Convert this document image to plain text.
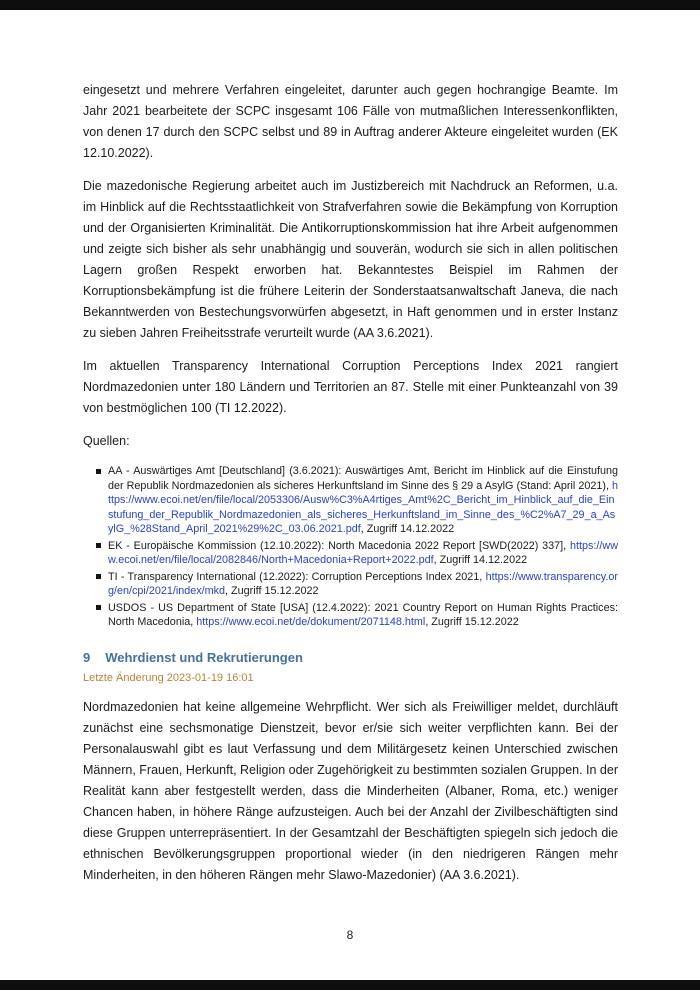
eingesetzt und mehrere Verfahren eingeleitet, darunter auch gegen hochrangige Beamte. Im Jahr 2021 bearbeitete der SCPC insgesamt 106 Fälle von mutmaßlichen Interessenkonflikten, von denen 17 durch den SCPC selbst und 89 in Auftrag anderer Akteure eingeleitet wurden (EK 12.10.2022).

Die mazedonische Regierung arbeitet auch im Justizbereich mit Nachdruck an Reformen, u.a. im Hinblick auf die Rechtsstaatlichkeit von Strafverfahren sowie die Bekämpfung von Korruption und der Organisierten Kriminalität. Die Antikorruptionskommission hat ihre Arbeit aufgenommen und zeigte sich bisher als sehr unabhängig und souverän, wodurch sie sich in allen politischen Lagern großen Respekt erworben hat. Bekanntestes Beispiel im Rahmen der Korruptionsbekämpfung ist die frühere Leiterin der Sonderstaatsanwaltschaft Janeva, die nach Bekanntwerden von Bestechungsvorwürfen abgesetzt, in Haft genommen und in erster Instanz zu sieben Jahren Freiheitsstrafe verurteilt wurde (AA 3.6.2021).

Im aktuellen Transparency International Corruption Perceptions Index 2021 rangiert Nordmazedonien unter 180 Ländern und Territorien an 87. Stelle mit einer Punkteanzahl von 39 von bestmöglichen 100 (TI 12.2022).

Quellen:

AA - Auswärtiges Amt [Deutschland] (3.6.2021): Auswärtiges Amt, Bericht im Hinblick auf die Einstufung der Republik Nordmazedonien als sicheres Herkunftsland im Sinne des § 29 a AsylG (Stand: April 2021), https://www.ecoi.net/en/file/local/2053306/Ausw%C3%A4rtiges_Amt%2C_Bericht_im_Hinblick_auf_die_Einstufung_der_Republik_Nordmazedonien_als_sicheres_Herkunftsland_im_Sinne_des_%C2%A7_29_a_AsylG_%28Stand_April_2021%29%2C_03.06.2021.pdf, Zugriff 14.12.2022
EK - Europäische Kommission (12.10.2022): North Macedonia 2022 Report [SWD(2022) 337], https://www.ecoi.net/en/file/local/2082846/North+Macedonia+Report+2022.pdf, Zugriff 14.12.2022
TI - Transparency International (12.2022): Corruption Perceptions Index 2021, https://www.transparency.org/en/cpi/2021/index/mkd, Zugriff 15.12.2022
USDOS - US Department of State [USA] (12.4.2022): 2021 Country Report on Human Rights Practices: North Macedonia, https://www.ecoi.net/de/dokument/2071148.html, Zugriff 15.12.2022
9 Wehrdienst und Rekrutierungen
Letzte Änderung 2023-01-19 16:01

Nordmazedonien hat keine allgemeine Wehrpflicht. Wer sich als Freiwilliger meldet, durchläuft zunächst eine sechsmonatige Dienstzeit, bevor er/sie sich weiter verpflichten kann. Bei der Personalauswahl gibt es laut Verfassung und dem Militärgesetz keinen Unterschied zwischen Männern, Frauen, Herkunft, Religion oder Zugehörigkeit zu bestimmten sozialen Gruppen. In der Realität kann aber festgestellt werden, dass die Minderheiten (Albaner, Roma, etc.) weniger Chancen haben, in höhere Ränge aufzusteigen. Auch bei der Anzahl der Zivilbeschäftigten sind diese Gruppen unterrepräsentiert. In der Gesamtzahl der Beschäftigten spiegeln sich jedoch die ethnischen Bevölkerungsgruppen proportional wieder (in den niedrigeren Rängen mehr Minderheiten, in den höheren Rängen mehr Slawo-Mazedonier) (AA 3.6.2021).

8
